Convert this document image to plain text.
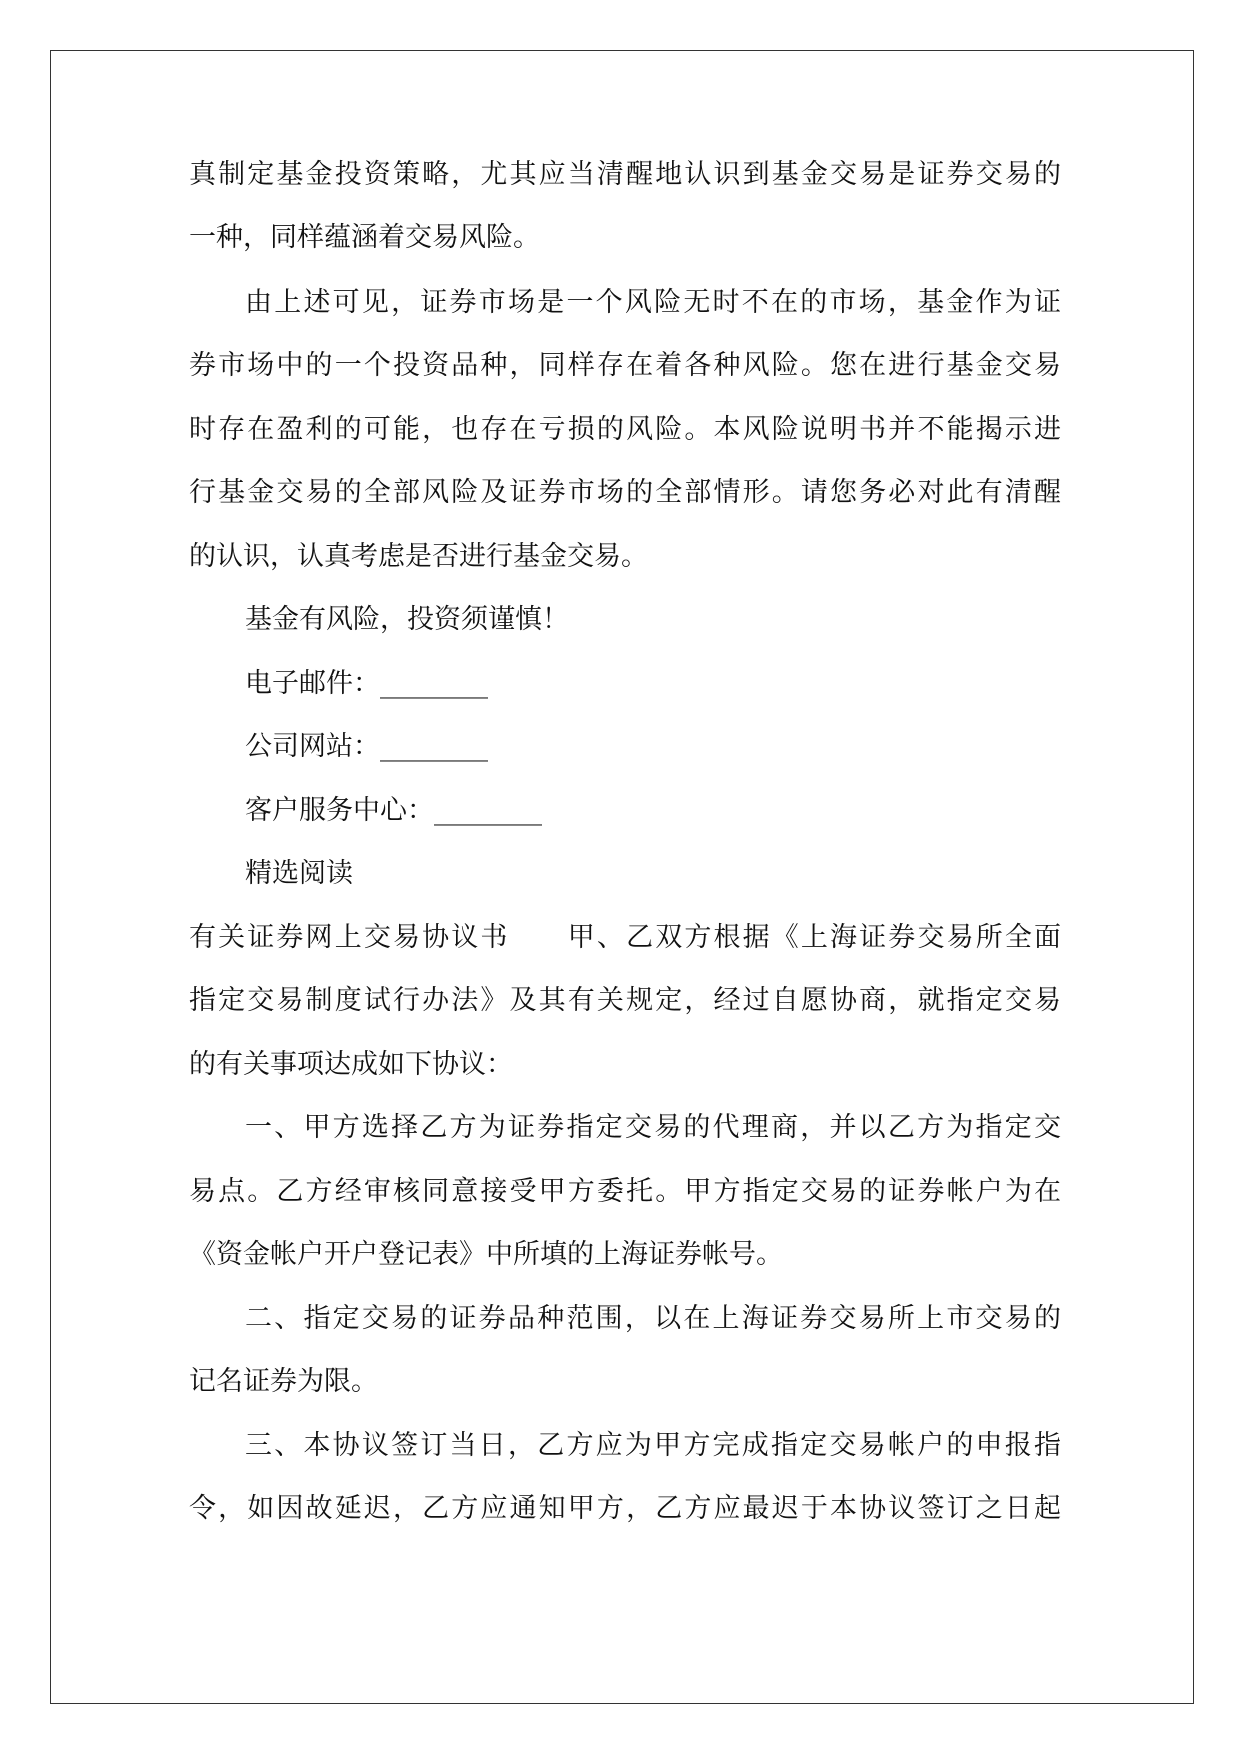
真制定基金投资策略，尤其应当清醒地认识到基金交易是证券交易的
一种，同样蕴涵着交易风险。
由上述可见，证券市场是一个风险无时不在的市场，基金作为证
券市场中的一个投资品种，同样存在着各种风险。您在进行基金交易
时存在盈利的可能，也存在亏损的风险。本风险说明书并不能揭示进
行基金交易的全部风险及证券市场的全部情形。请您务必对此有清醒
的认识，认真考虑是否进行基金交易。
基金有风险，投资须谨慎！
电子邮件：________
公司网站：________
客户服务中心：________
精选阅读
有关证券网上交易协议书　　甲、乙双方根据《上海证券交易所全面
指定交易制度试行办法》及其有关规定，经过自愿协商，就指定交易
的有关事项达成如下协议：
一、甲方选择乙方为证券指定交易的代理商，并以乙方为指定交
易点。乙方经审核同意接受甲方委托。甲方指定交易的证券帐户为在
《资金帐户开户登记表》中所填的上海证券帐号。
二、指定交易的证券品种范围，以在上海证券交易所上市交易的
记名证券为限。
三、本协议签订当日，乙方应为甲方完成指定交易帐户的申报指
令，如因故延迟，乙方应通知甲方，乙方应最迟于本协议签订之日起
